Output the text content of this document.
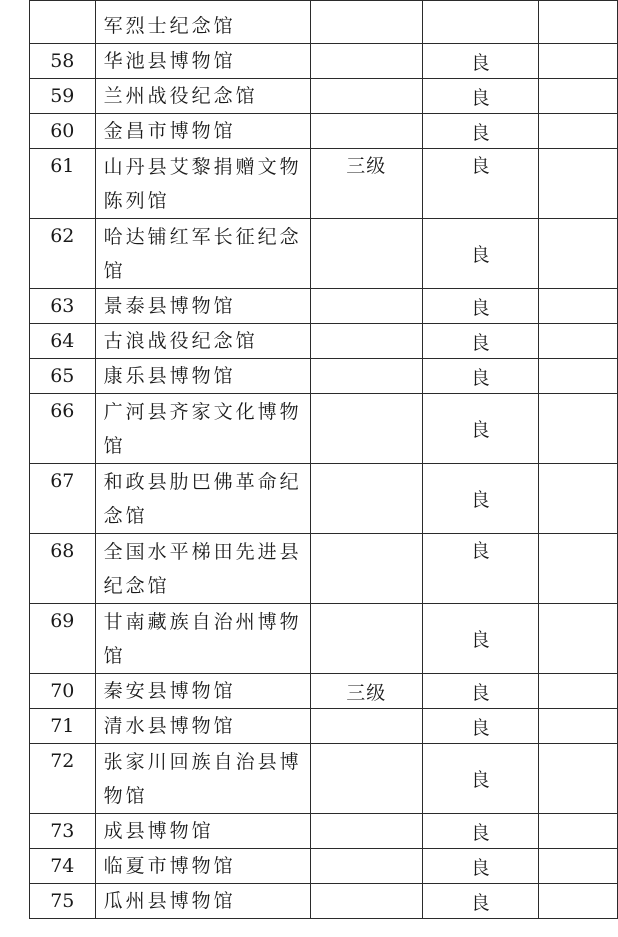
	军烈士纪念馆			

58	华池县博物馆		良	
59	兰州战役纪念馆		良	
60	金昌市博物馆		良	

61	山丹县艾黎捐赠文物陈列馆	三级	良	

62	哈达铺红军长征纪念馆		良	
63	景泰县博物馆		良	
64	古浪战役纪念馆		良	
65	康乐县博物馆		良	

66	广河县齐家文化博物馆		良	

67	和政县肋巴佛革命纪念馆		良	

68	全国水平梯田先进县纪念馆		良	

69	甘南藏族自治州博物馆		良	
70	秦安县博物馆	三级	良	
71	清水县博物馆		良	

72	张家川回族自治县博物馆		良	
73	成县博物馆		良	
74	临夏市博物馆		良	
75	瓜州县博物馆		良	
